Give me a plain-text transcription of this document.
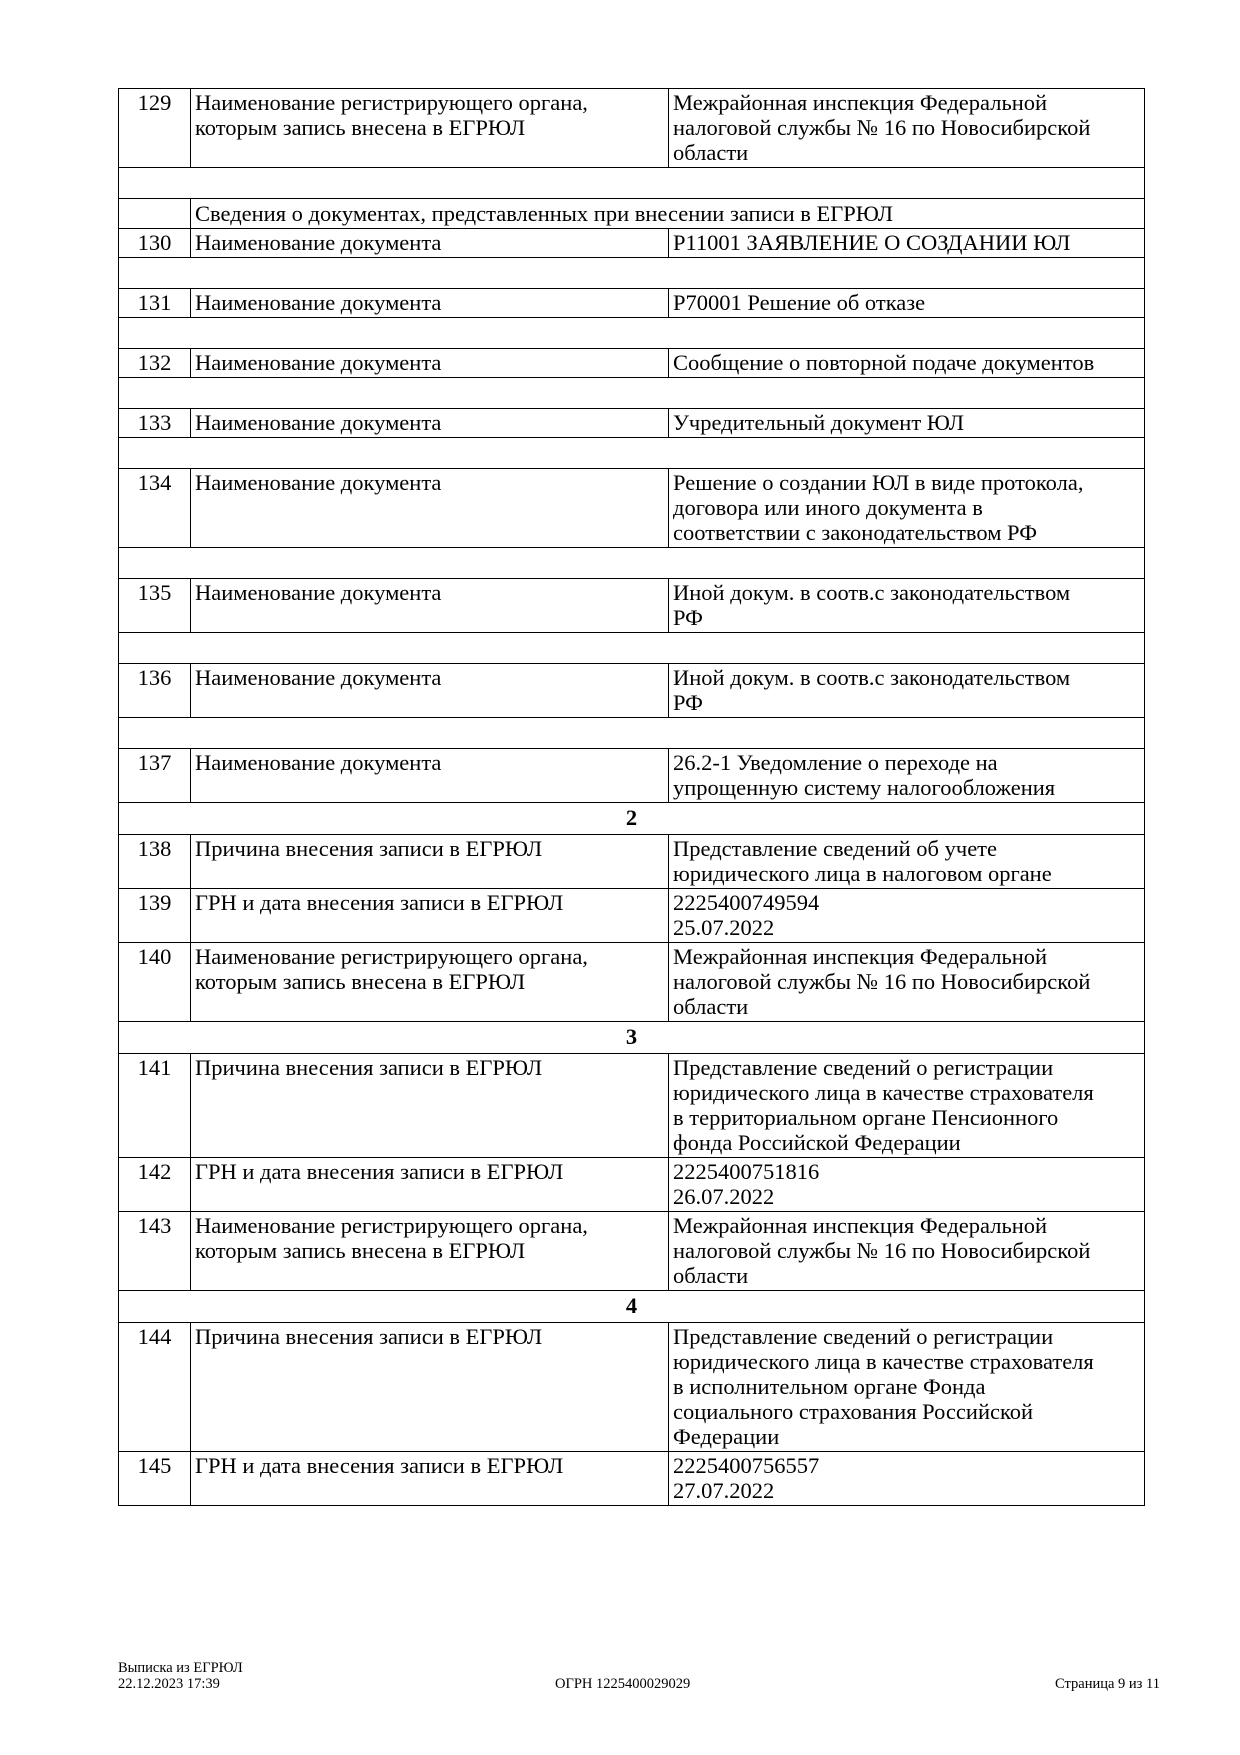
129	Наименование регистрирующего органа, которым запись внесена в ЕГРЮЛ	Межрайонная инспекция Федеральной
налоговой службы № 16 по Новосибирской
области

	Сведения о документах, представленных при внесении записи в ЕГРЮЛ	
130	Наименование документа	Р11001 ЗАЯВЛЕНИЕ О СОЗДАНИИ ЮЛ

131	Наименование документа	Р70001 Решение об отказе

132	Наименование документа	Сообщение о повторной подаче документов

133	Наименование документа	Учредительный документ ЮЛ

134	Наименование документа	Решение о создании ЮЛ в виде протокола,
договора или иного документа в
соответствии с законодательством РФ

135	Наименование документа	Иной докум. в соотв.с законодательством
РФ

136	Наименование документа	Иной докум. в соотв.с законодательством
РФ

137	Наименование документа	26.2-1 Уведомление о переходе на
упрощенную систему налогообложения

2		
138	Причина внесения записи в ЕГРЮЛ	Представление сведений об учете
юридического лица в налоговом органе

139	ГРН и дата внесения записи в ЕГРЮЛ	2225400749594
25.07.2022

140	Наименование регистрирующего органа, которым запись внесена в ЕГРЮЛ	Межрайонная инспекция Федеральной
налоговой службы № 16 по Новосибирской
области

3		
141	Причина внесения записи в ЕГРЮЛ	Представление сведений о регистрации
юридического лица в качестве страхователя
в территориальном органе Пенсионного
фонда Российской Федерации

142	ГРН и дата внесения записи в ЕГРЮЛ	2225400751816
26.07.2022

143	Наименование регистрирующего органа, которым запись внесена в ЕГРЮЛ	Межрайонная инспекция Федеральной
налоговой службы № 16 по Новосибирской
области

4		
144	Причина внесения записи в ЕГРЮЛ	Представление сведений о регистрации
юридического лица в качестве страхователя
в исполнительном органе Фонда
социального страхования Российской
Федерации

145	ГРН и дата внесения записи в ЕГРЮЛ	2225400756557
27.07.2022
Выписка из ЕГРЮЛ
22.12.2023 17:39	ОГРН 1225400029029	Страница 9 из 11
